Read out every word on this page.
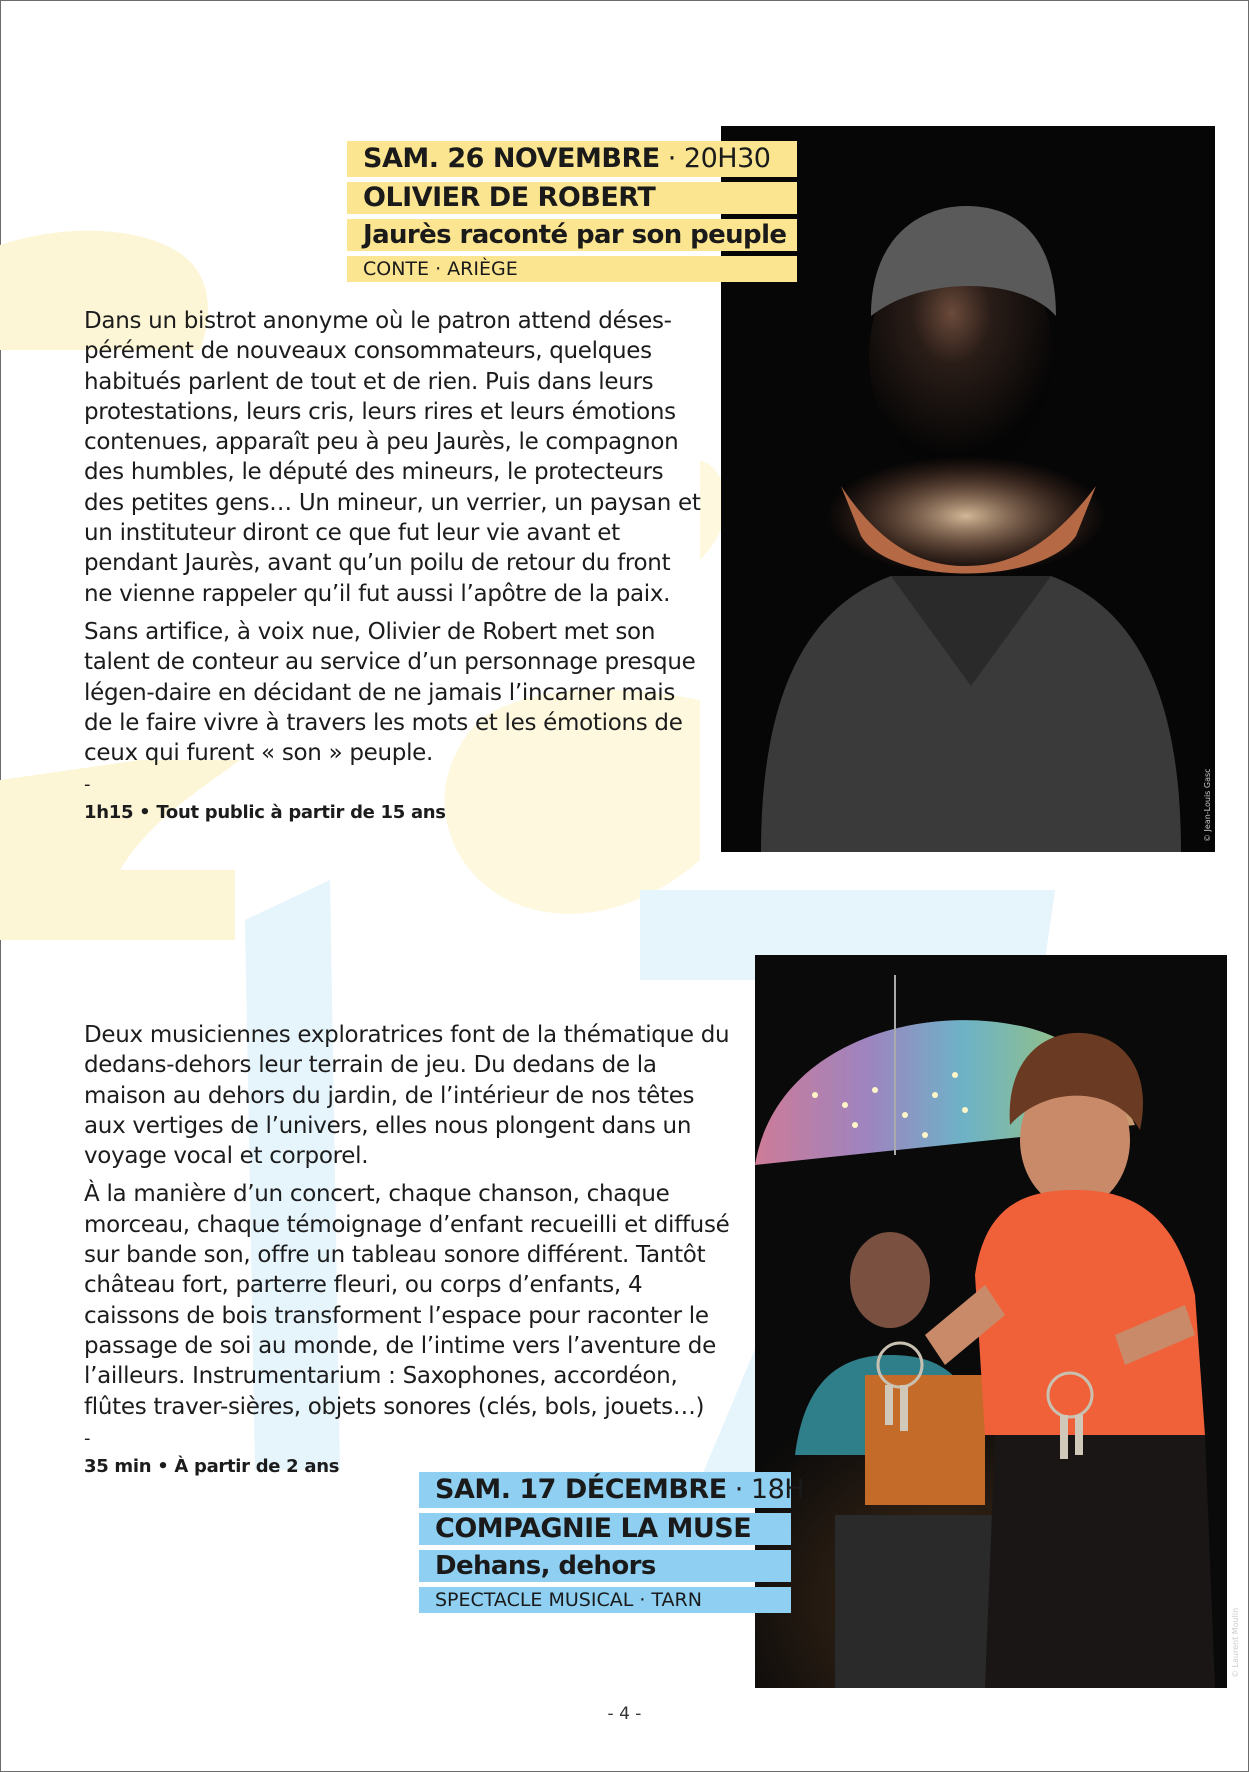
© Jean-Louis Gasc
© Laurent Moulin
SAM. 26 NOVEMBRE · 20H30
OLIVIER DE ROBERT
Jaurès raconté par son peuple
CONTE · ARIÈGE

Dans un bistrot anonyme où le patron attend déses-pérément de nouveaux consommateurs, quelques habitués parlent de tout et de rien. Puis dans leurs protestations, leurs cris, leurs rires et leurs émotions contenues, apparaît peu à peu Jaurès, le compagnon des humbles, le député des mineurs, le protecteurs des petites gens… Un mineur, un verrier, un paysan et un instituteur diront ce que fut leur vie avant et pendant Jaurès, avant qu’un poilu de retour du front ne vienne rappeler qu’il fut aussi l’apôtre de la paix.

Sans artifice, à voix nue, Olivier de Robert met son talent de conteur au service d’un personnage presque légen-daire en décidant de ne jamais l’incarner mais de le faire vivre à travers les mots et les émotions de ceux qui furent « son » peuple.

-
1h15 • Tout public à partir de 15 ans

Deux musiciennes exploratrices font de la thématique du dedans-dehors leur terrain de jeu. Du dedans de la maison au dehors du jardin, de l’intérieur de nos têtes aux vertiges de l’univers, elles nous plongent dans un voyage vocal et corporel.

À la manière d’un concert, chaque chanson, chaque morceau, chaque témoignage d’enfant recueilli et diffusé sur bande son, offre un tableau sonore différent. Tantôt château fort, parterre fleuri, ou corps d’enfants, 4 caissons de bois transforment l’espace pour raconter le passage de soi au monde, de l’intime vers l’aventure de l’ailleurs. Instrumentarium : Saxophones, accordéon, flûtes traver-sières, objets sonores (clés, bols, jouets…)

-
35 min • À partir de 2 ans
SAM. 17 DÉCEMBRE · 18H
COMPAGNIE LA MUSE
Dehans, dehors
SPECTACLE MUSICAL · TARN
- 4 -
